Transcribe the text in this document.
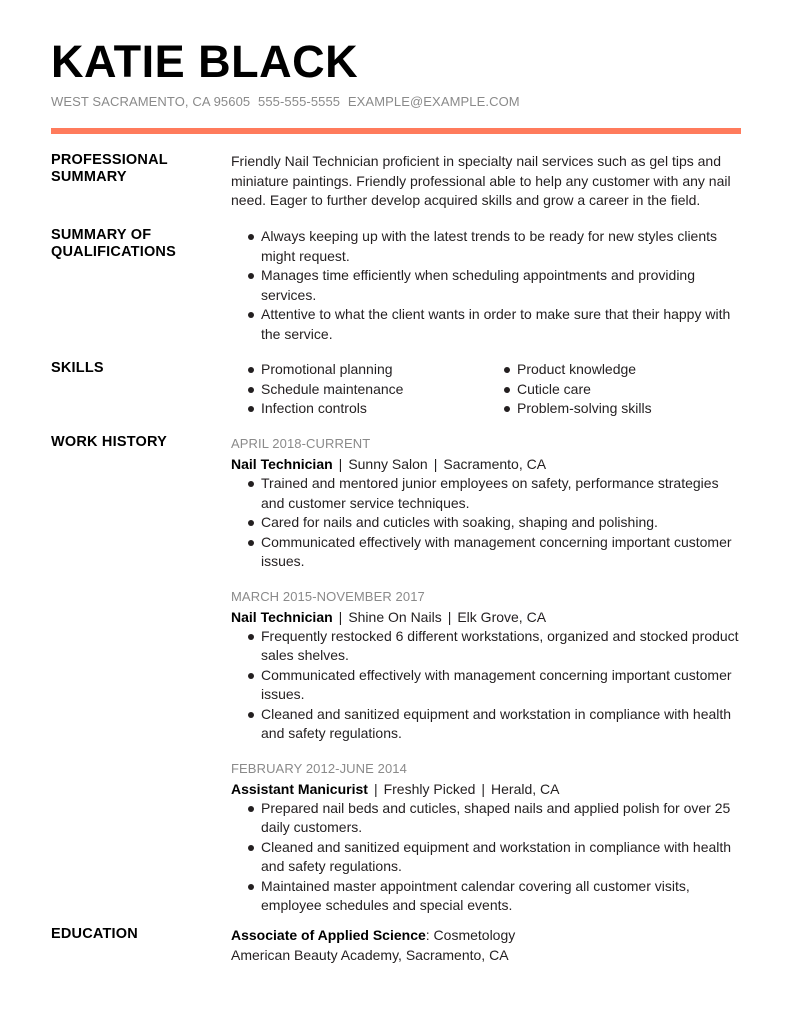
KATIE BLACK
WEST SACRAMENTO, CA 95605 555-555-5555 EXAMPLE@EXAMPLE.COM
PROFESSIONAL SUMMARY
Friendly Nail Technician proficient in specialty nail services such as gel tips and miniature paintings. Friendly professional able to help any customer with any nail need. Eager to further develop acquired skills and grow a career in the field.
SUMMARY OF QUALIFICATIONS
Always keeping up with the latest trends to be ready for new styles clients might request.
Manages time efficiently when scheduling appointments and providing services.
Attentive to what the client wants in order to make sure that their happy with the service.
SKILLS	Promotional planning
Schedule maintenance
Infection controls
Product knowledge
Cuticle care
Problem-solving skills
WORK HISTORY	APRIL 2018-CURRENT
Nail Technician | Sunny Salon | Sacramento, CA
Trained and mentored junior employees on safety, performance strategies and customer service techniques.
Cared for nails and cuticles with soaking, shaping and polishing.
Communicated effectively with management concerning important customer issues.
MARCH 2015-NOVEMBER 2017
Nail Technician | Shine On Nails | Elk Grove, CA
Frequently restocked 6 different workstations, organized and stocked product sales shelves.
Communicated effectively with management concerning important customer issues.
Cleaned and sanitized equipment and workstation in compliance with health and safety regulations.
FEBRUARY 2012-JUNE 2014
Assistant Manicurist | Freshly Picked | Herald, CA
Prepared nail beds and cuticles, shaped nails and applied polish for over 25 daily customers.
Cleaned and sanitized equipment and workstation in compliance with health and safety regulations.
Maintained master appointment calendar covering all customer visits, employee schedules and special events.
EDUCATION	Associate of Applied Science: Cosmetology
American Beauty Academy, Sacramento, CA
